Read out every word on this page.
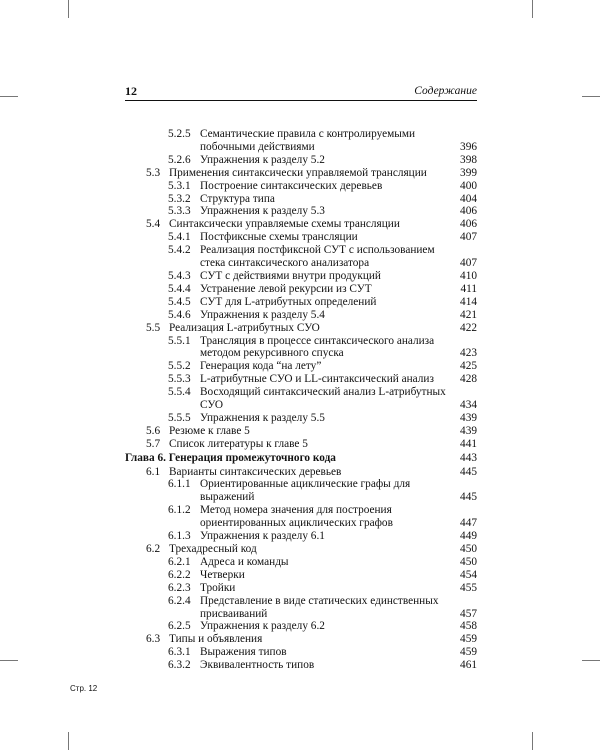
12	Содержание
5.2.5 Семантические правила с контролируемыми побочными действиями	396
5.2.6 Упражнения к разделу 5.2	398
5.3 Применения синтаксически управляемой трансляции	399
5.3.1 Построение синтаксических деревьев	400
5.3.2 Структура типа	404
5.3.3 Упражнения к разделу 5.3	406
5.4 Синтаксически управляемые схемы трансляции	406
5.4.1 Постфиксные схемы трансляции	407
5.4.2 Реализация постфиксной СУТ с использованием стека синтаксического анализатора	407
5.4.3 СУТ с действиями внутри продукций	410
5.4.4 Устранение левой рекурсии из СУТ	411
5.4.5 СУТ для L-атрибутных определений	414
5.4.6 Упражнения к разделу 5.4	421
5.5 Реализация L-атрибутных СУО	422
5.5.1 Трансляция в процессе синтаксического анализа методом рекурсивного спуска	423
5.5.2 Генерация кода “на лету”	425
5.5.3 L-атрибутные СУО и LL-синтаксический анализ	428
5.5.4 Восходящий синтаксический анализ L-атрибутных СУО	434
5.5.5 Упражнения к разделу 5.5	439
5.6 Резюме к главе 5	439
5.7 Список литературы к главе 5	441
Глава 6. Генерация промежуточного кода	443
6.1 Варианты синтаксических деревьев	445
6.1.1 Ориентированные ациклические графы для выражений	445
6.1.2 Метод номера значения для построения ориентированных ациклических графов	447
6.1.3 Упражнения к разделу 6.1	449
6.2 Трехадресный код	450
6.2.1 Адреса и команды	450
6.2.2 Четверки	454
6.2.3 Тройки	455
6.2.4 Представление в виде статических единственных присваиваний	457
6.2.5 Упражнения к разделу 6.2	458
6.3 Типы и объявления	459
6.3.1 Выражения типов	459
6.3.2 Эквивалентность типов	461
Стр. 12
